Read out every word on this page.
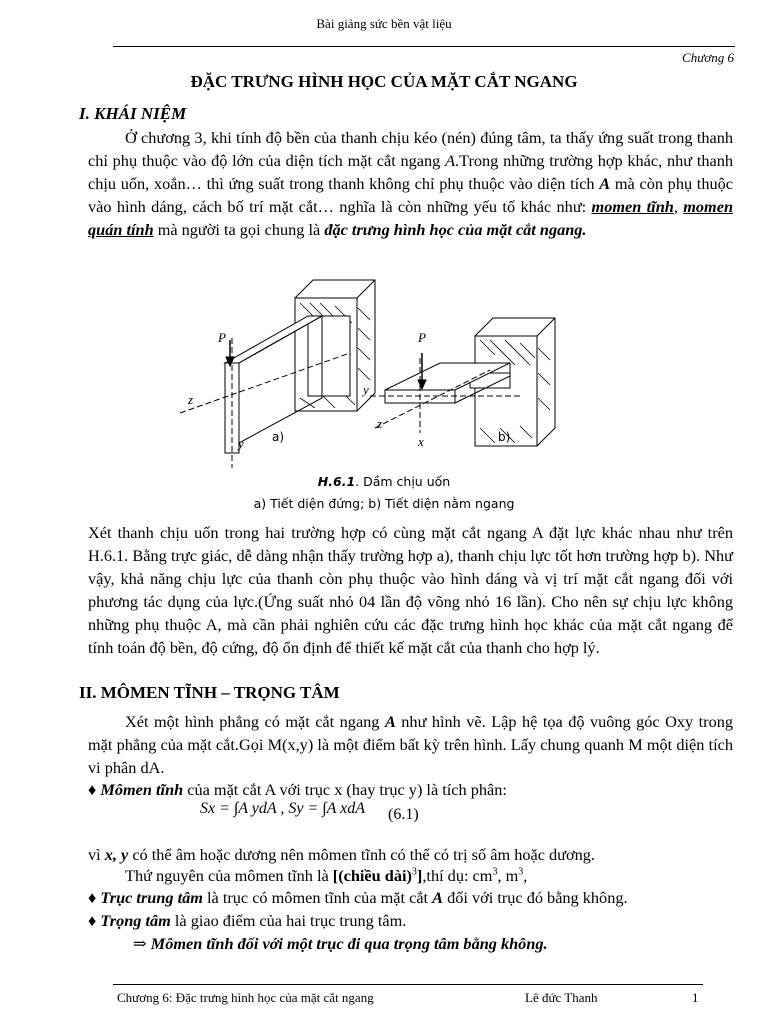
Bài giảng sức bền vật liệu
Chương 6
ĐẶC TRƯNG HÌNH HỌC CỦA MẶT CẮT NGANG
I. KHÁI NIỆM
Ở chương 3, khi tính độ bền của thanh chịu kéo (nén) đúng tâm, ta thấy ứng suất trong thanh chỉ phụ thuộc vào độ lớn của diện tích mặt cắt ngang A.Trong những trường hợp khác, như thanh chịu uốn, xoắn… thì ứng suất trong thanh không chỉ phụ thuộc vào diện tích A mà còn phụ thuộc vào hình dáng, cách bố trí mặt cắt… nghĩa là còn những yếu tố khác như: momen tĩnh, momen quán tính mà người ta gọi chung là đặc trưng hình học của mặt cắt ngang.
P
z
y
P
y
z
x
a)	b)
H.6.1. Dầm chịu uốn
a) Tiết diện đứng; b) Tiết diện nằm ngang
Xét thanh chịu uốn trong hai trường hợp có cùng mặt cắt ngang A đặt lực khác nhau như trên H.6.1. Bằng trực giác, dễ dàng nhận thấy trường hợp a), thanh chịu lực tốt hơn trường hợp b). Như vậy, khả năng chịu lực của thanh còn phụ thuộc vào hình dáng và vị trí mặt cắt ngang đối với phương tác dụng của lực.(Ứng suất nhỏ 04 lần độ võng nhỏ 16 lần). Cho nên sự chịu lực không những phụ thuộc A, mà cần phải nghiên cứu các đặc trưng hình học khác của mặt cắt ngang để tính toán độ bền, độ cứng, độ ổn định để thiết kế mặt cắt của thanh cho hợp lý.
II. MÔMEN TĨNH – TRỌNG TÂM
Xét một hình phẳng có mặt cắt ngang A như hình vẽ. Lập hệ tọa độ vuông góc Oxy trong mặt phẳng của mặt cắt.Gọi M(x,y) là một điểm bất kỳ trên hình. Lấy chung quanh M một diện tích vi phân dA.
♦ Mômen tĩnh của mặt cắt A với trục x (hay trục y) là tích phân:
Sx = ∫A ydA , Sy = ∫A xdA (6.1)
vì x, y có thể âm hoặc dương nên mômen tĩnh có thể có trị số âm hoặc dương.
Thứ nguyên của mômen tĩnh là [(chiều dài)$^3$],thí dụ: $cm^3$, $m^3$,
♦ Trục trung tâm là trục có mômen tĩnh của mặt cắt A đối với trục đó bằng không.
♦ Trọng tâm là giao điểm của hai trục trung tâm.
⇒ Mômen tĩnh đối với một trục đi qua trọng tâm bằng không.
Chương 6: Đặc trưng hình học của mặt cắt ngang	Lê đức Thanh	1
